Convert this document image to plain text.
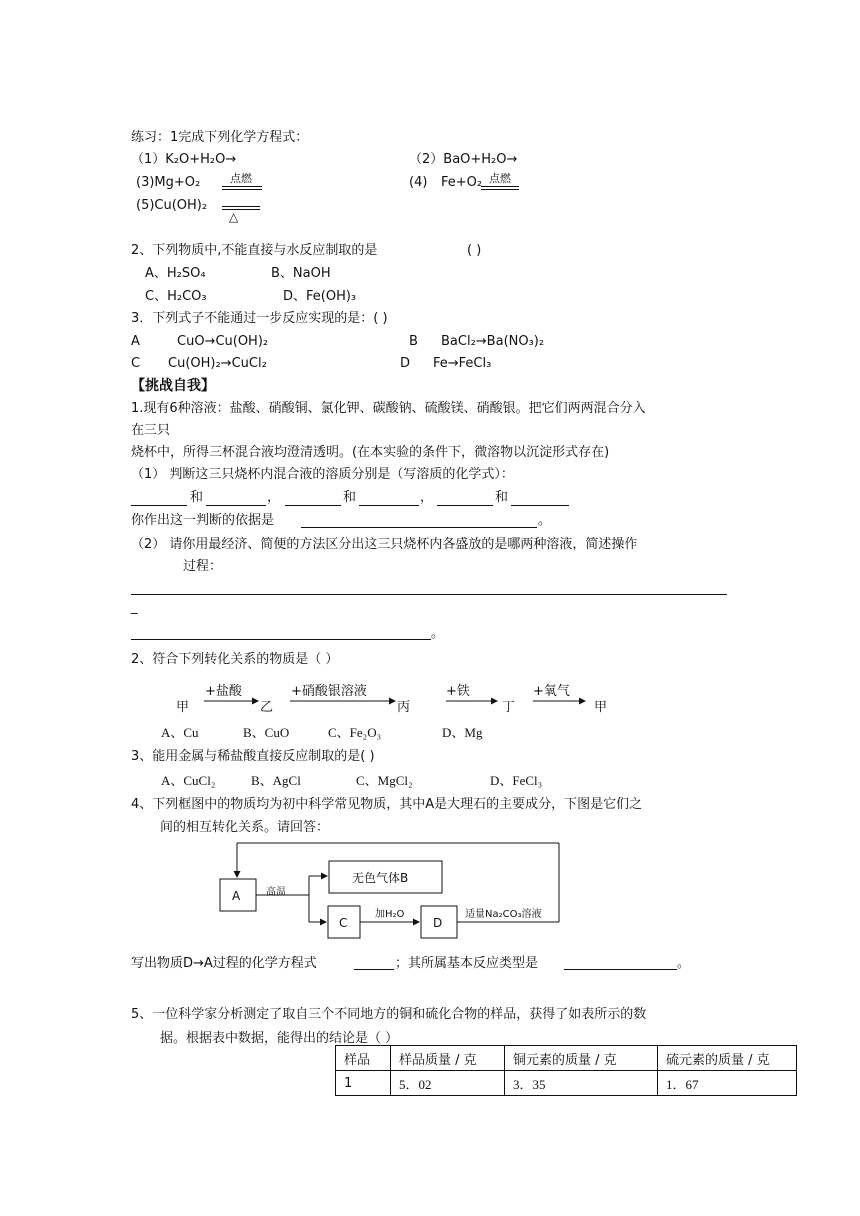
练习：1完成下列化学方程式：
（1）K₂O+H₂O→	（2）BaO+H₂O→
(3)Mg+O₂	点燃	(4) Fe+O₂ 点燃
(5)Cu(OH)₂
△
2、下列物质中,不能直接与水反应制取的是	( )
A、H₂SO₄	B、NaOH
C、H₂CO₃	D、Fe(OH)₃
3．下列式子不能通过一步反应实现的是：( )
A	CuO→Cu(OH)₂	B BaCl₂→Ba(NO₃)₂
C Cu(OH)₂→CuCl₂	D Fe→FeCl₃
【挑战自我】
1.现有6种溶液：盐酸、硝酸铜、氯化钾、碳酸钠、硫酸镁、硝酸银。把它们两两混合分入
在三只
烧杯中，所得三杯混合液均澄清透明。(在本实验的条件下，微溶物以沉淀形式存在)
（1） 判断这三只烧杯内混合液的溶质分别是（写溶质的化学式）：
和	，	和	，	和
你作出这一判断的依据是	。
（2） 请你用最经济、简便的方法区分出这三只烧杯内各盛放的是哪两种溶液，简述操作
过程：
_
。
2、符合下列转化关系的物质是（ ）
甲
+盐酸
乙
+硝酸银溶液
丙
+铁
丁
+氧气
甲
A、Cu	B、CuO	C、Fe₂O₃	D、Mg
3、能用金属与稀盐酸直接反应制取的是( )
A、CuCl₂	B、AgCl	C、MgCl₂	D、FeCl₃
4、下列框图中的物质均为初中科学常见物质，其中A是大理石的主要成分，下图是它们之
间的相互转化关系。请回答：
A
无色气体B
C	D
高温
加H₂O	适量Na₂CO₃溶液
写出物质D→A过程的化学方程式	；其所属基本反应类型是	。
5、一位科学家分析测定了取自三个不同地方的铜和硫化合物的样品，获得了如表所示的数
据。根据表中数据，能得出的结论是（ ）
样品	样品质量 / 克	铜元素的质量 / 克	硫元素的质量 / 克
1	5．02	3．35	1．67
